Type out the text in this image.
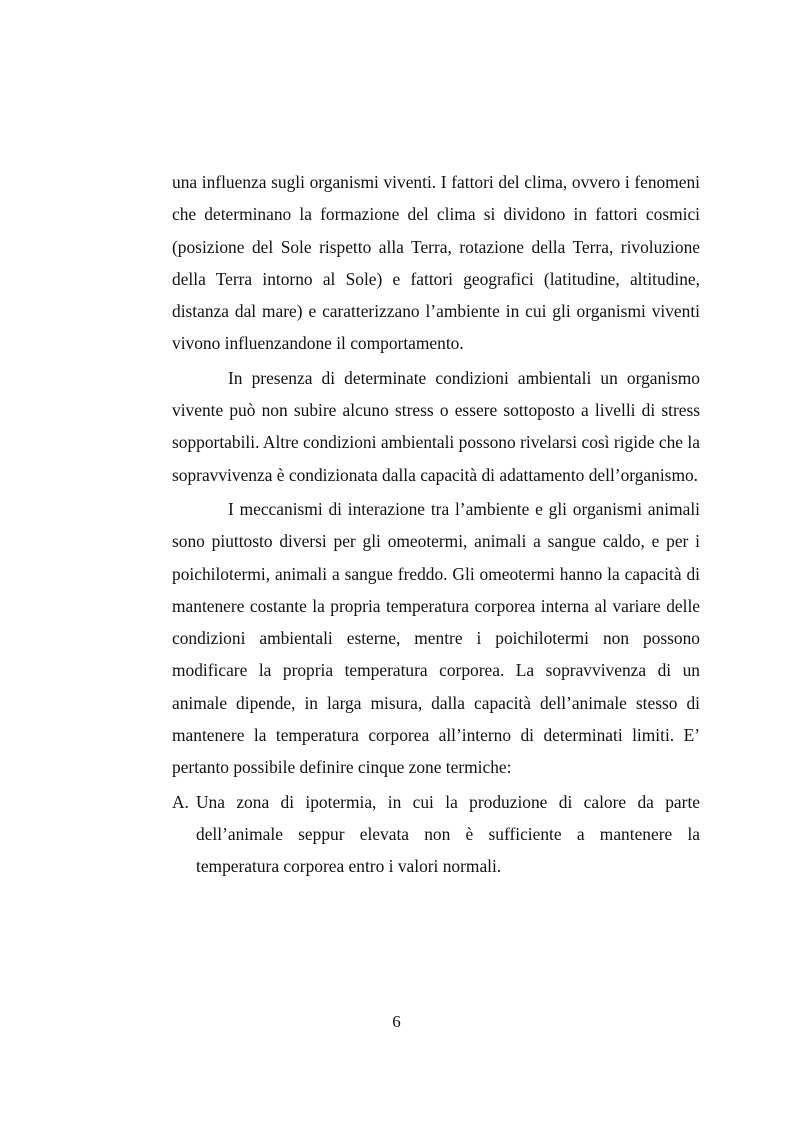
una influenza sugli organismi viventi. I fattori del clima, ovvero i fenomeni che determinano la formazione del clima si dividono in fattori cosmici (posizione del Sole rispetto alla Terra, rotazione della Terra, rivoluzione della Terra intorno al Sole) e fattori geografici (latitudine, altitudine, distanza dal mare) e caratterizzano l’ambiente in cui gli organismi viventi vivono influenzandone il comportamento.

In presenza di determinate condizioni ambientali un organismo vivente può non subire alcuno stress o essere sottoposto a livelli di stress sopportabili. Altre condizioni ambientali possono rivelarsi così rigide che la sopravvivenza è condizionata dalla capacità di adattamento dell’organismo.

I meccanismi di interazione tra l’ambiente e gli organismi animali sono piuttosto diversi per gli omeotermi, animali a sangue caldo, e per i poichilotermi, animali a sangue freddo. Gli omeotermi hanno la capacità di mantenere costante la propria temperatura corporea interna al variare delle condizioni ambientali esterne, mentre i poichilotermi non possono modificare la propria temperatura corporea. La sopravvivenza di un animale dipende, in larga misura, dalla capacità dell’animale stesso di mantenere la temperatura corporea all’interno di determinati limiti. E’ pertanto possibile definire cinque zone termiche:

A. Una zona di ipotermia, in cui la produzione di calore da parte dell’animale seppur elevata non è sufficiente a mantenere la temperatura corporea entro i valori normali.
6
